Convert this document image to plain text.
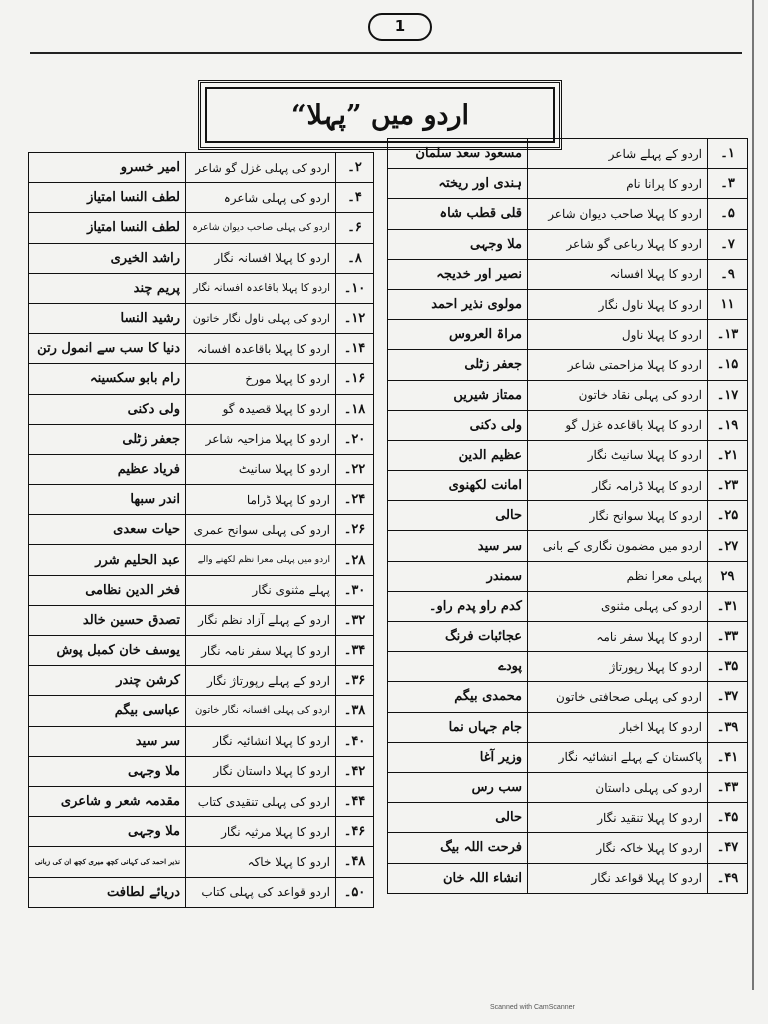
1
اردو میں ”پہلا“
۱۔	اردو کے پہلے شاعر	مسعود سعد سلمان
۳۔	اردو کا پرانا نام	ہندی اور ریختہ
۵۔	اردو کا پہلا صاحب دیوان شاعر	قلی قطب شاہ
۷۔	اردو کا پہلا رباعی گو شاعر	ملا وجہی
۹۔	اردو کا پہلا افسانہ	نصیر اور خدیجہ
۱۱	اردو کا پہلا ناول نگار	مولوی نذیر احمد
۱۳۔	اردو کا پہلا ناول	مراۃ العروس
۱۵۔	اردو کا پہلا مزاحمتی شاعر	جعفر زٹلی
۱۷۔	اردو کی پہلی نقاد خاتون	ممتاز شیریں
۱۹۔	اردو کا پہلا باقاعدہ غزل گو	ولی دکنی
۲۱۔	اردو کا پہلا سانیٹ نگار	عظیم الدین
۲۳۔	اردو کا پہلا ڈرامہ نگار	امانت لکھنوی
۲۵۔	اردو کا پہلا سوانح نگار	حالی
۲۷۔	اردو میں مضمون نگاری کے بانی	سر سید
۲۹	پہلی معرا نظم	سمندر
۳۱۔	اردو کی پہلی مثنوی	کدم راو پدم راو۔
۳۳۔	اردو کا پہلا سفر نامہ	عجائبات فرنگ
۳۵۔	اردو کا پہلا رپورتاژ	پودے
۳۷۔	اردو کی پہلی صحافتی خاتون	محمدی بیگم
۳۹۔	اردو کا پہلا اخبار	جام جہاں نما
۴۱۔	پاکستان کے پہلے انشائیہ نگار	وزیر آغا
۴۳۔	اردو کی پہلی داستان	سب رس
۴۵۔	اردو کا پہلا تنقید نگار	حالی
۴۷۔	اردو کا پہلا خاکہ نگار	فرحت اللہ بیگ
۴۹۔	اردو کا پہلا قواعد نگار	انشاء اللہ خان
۲۔	اردو کی پہلی غزل گو شاعر	امیر خسرو
۴۔	اردو کی پہلی شاعرہ	لطف النسا امتیاز
۶۔	اردو کی پہلی صاحب دیوان شاعرہ	لطف النسا امتیاز
۸۔	اردو کا پہلا افسانہ نگار	راشد الخیری
۱۰۔	اردو کا پہلا باقاعدہ افسانہ نگار	پریم چند
۱۲۔	اردو کی پہلی ناول نگار خاتون	رشید النسا
۱۴۔	اردو کا پہلا باقاعدہ افسانہ	دنیا کا سب سے انمول رتن
۱۶۔	اردو کا پہلا مورخ	رام بابو سکسینہ
۱۸۔	اردو کا پہلا قصیدہ گو	ولی دکنی
۲۰۔	اردو کا پہلا مزاحیہ شاعر	جعفر زٹلی
۲۲۔	اردو کا پہلا سانیٹ	فریاد عظیم
۲۴۔	اردو کا پہلا ڈراما	اندر سبھا
۲۶۔	اردو کی پہلی سوانح عمری	حیات سعدی
۲۸۔	اردو میں پہلی معرا نظم لکھنے والے	عبد الحلیم شرر
۳۰۔	پہلے مثنوی نگار	فخر الدین نظامی
۳۲۔	اردو کے پہلے آزاد نظم نگار	تصدق حسین خالد
۳۴۔	اردو کا پہلا سفر نامہ نگار	یوسف خان کمبل پوش
۳۶۔	اردو کے پہلے رپورتاژ نگار	کرشن چندر
۳۸۔	اردو کی پہلی افسانہ نگار خاتون	عباسی بیگم
۴۰۔	اردو کا پہلا انشائیہ نگار	سر سید
۴۲۔	اردو کا پہلا داستان نگار	ملا وجہی
۴۴۔	اردو کی پہلی تنقیدی کتاب	مقدمہ شعر و شاعری
۴۶۔	اردو کا پہلا مرثیہ نگار	ملا وجہی
۴۸۔	اردو کا پہلا خاکہ	نذیر احمد کی کہانی کچھ میری کچھ ان کی زبانی
۵۰۔	اردو قواعد کی پہلی کتاب	دریائے لطافت
Scanned with CamScanner
